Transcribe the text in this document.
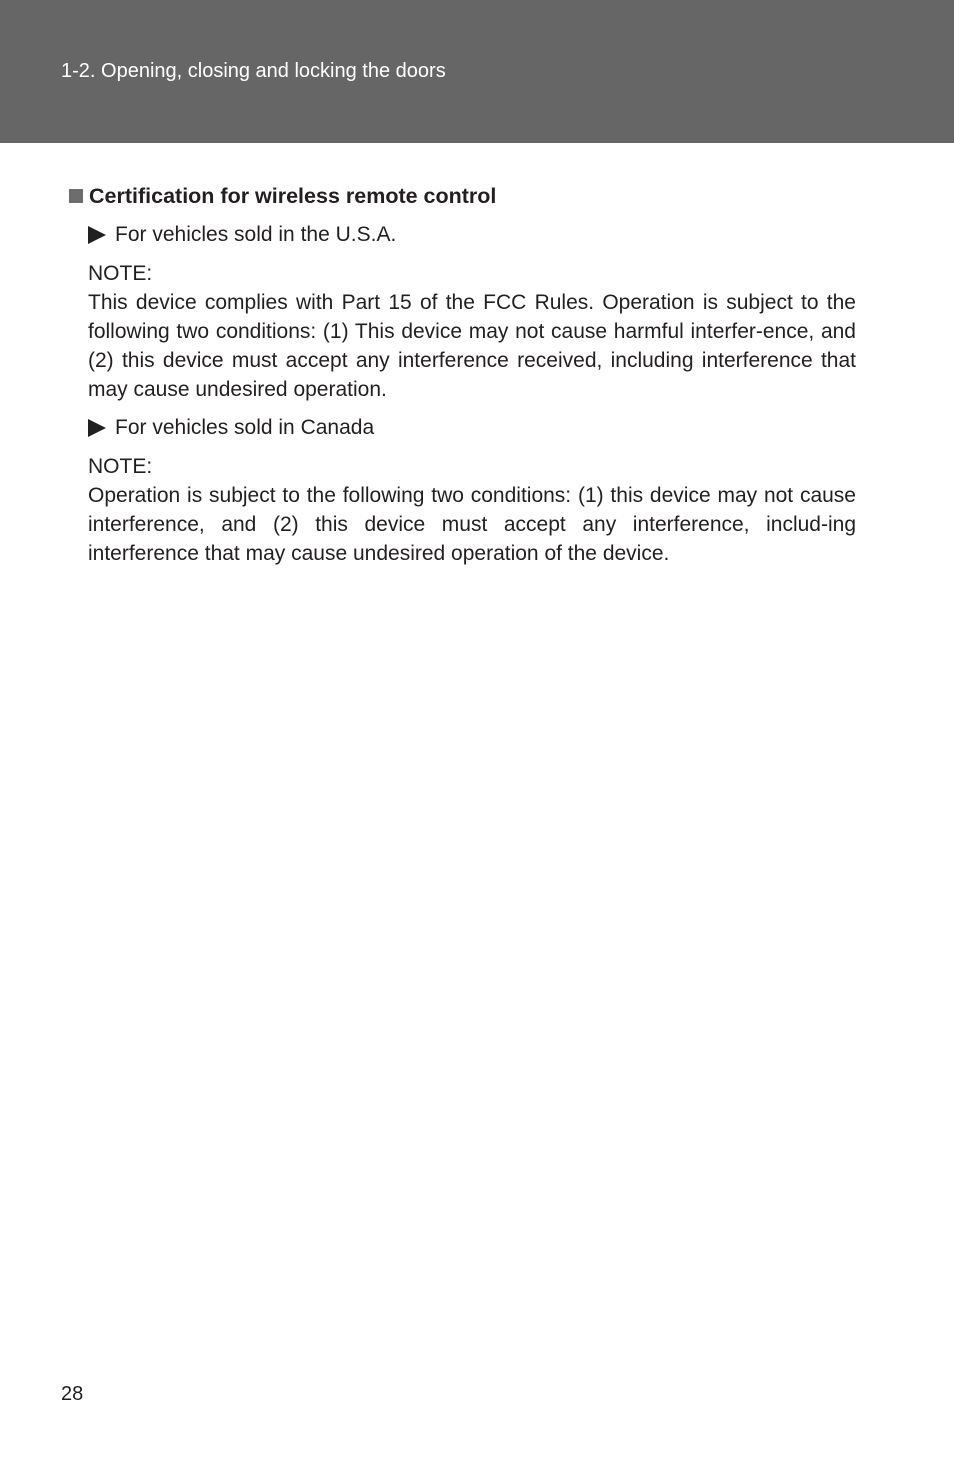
1-2. Opening, closing and locking the doors
Certification for wireless remote control
For vehicles sold in the U.S.A.
NOTE:
This device complies with Part 15 of the FCC Rules. Operation is subject to the following two conditions: (1) This device may not cause harmful interfer-ence, and (2) this device must accept any interference received, including interference that may cause undesired operation.
For vehicles sold in Canada
NOTE:
Operation is subject to the following two conditions: (1) this device may not cause interference, and (2) this device must accept any interference, includ-ing interference that may cause undesired operation of the device.
28
